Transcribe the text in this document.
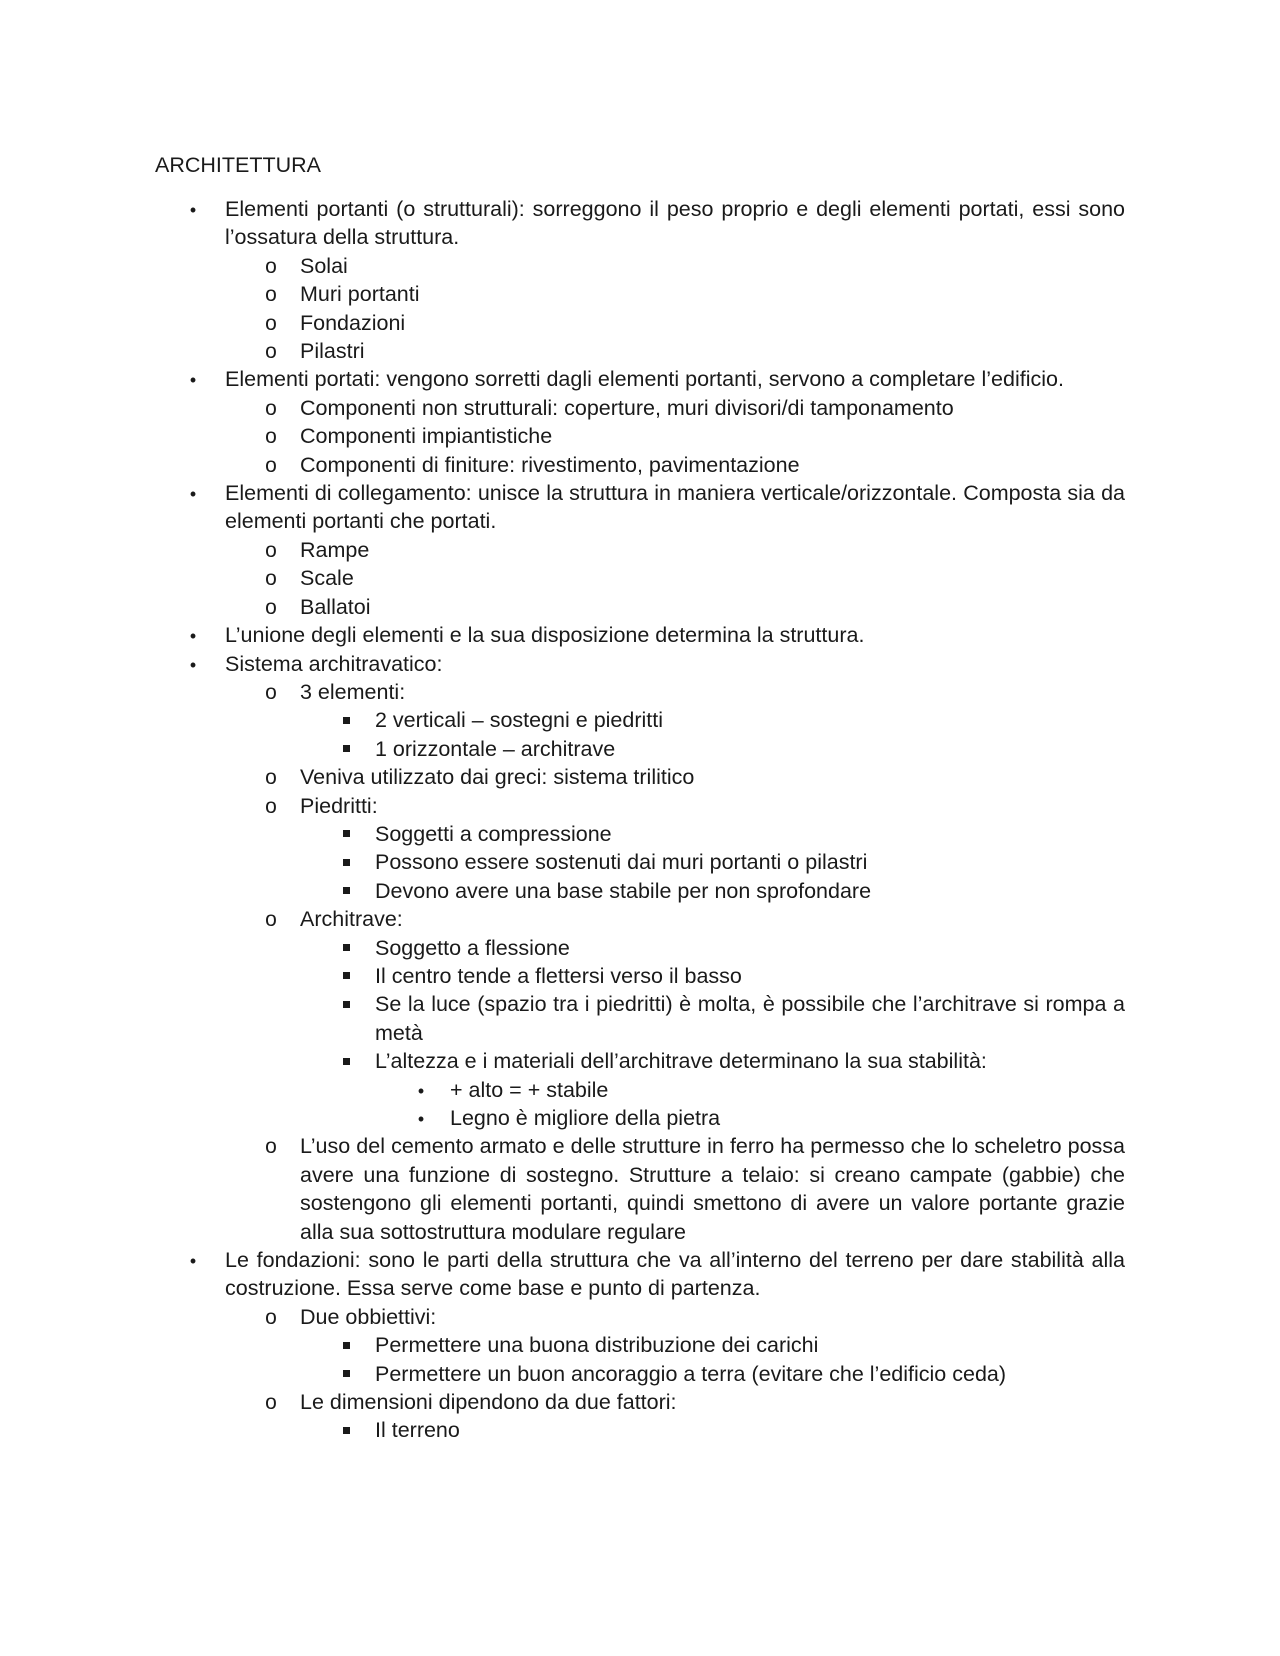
ARCHITETTURA
•	Elementi portanti (o strutturali): sorreggono il peso proprio e degli elementi portati, essi sono l’ossatura della struttura.
o	Solai
o	Muri portanti
o	Fondazioni
o	Pilastri
•	Elementi portati: vengono sorretti dagli elementi portanti, servono a completare l’edificio.
o	Componenti non strutturali: coperture, muri divisori/di tamponamento
o	Componenti impiantistiche
o	Componenti di finiture: rivestimento, pavimentazione
•	Elementi di collegamento: unisce la struttura in maniera verticale/orizzontale. Composta sia da elementi portanti che portati.
o	Rampe
o	Scale
o	Ballatoi
•	L’unione degli elementi e la sua disposizione determina la struttura.
•	Sistema architravatico:
o	3 elementi:
2 verticali – sostegni e piedritti
1 orizzontale – architrave
o	Veniva utilizzato dai greci: sistema trilitico
o	Piedritti:
Soggetti a compressione
Possono essere sostenuti dai muri portanti o pilastri
Devono avere una base stabile per non sprofondare
o	Architrave:
Soggetto a flessione
Il centro tende a flettersi verso il basso
Se la luce (spazio tra i piedritti) è molta, è possibile che l’architrave si rompa a metà
L’altezza e i materiali dell’architrave determinano la sua stabilità:
•	+ alto = + stabile
•	Legno è migliore della pietra
o	L’uso del cemento armato e delle strutture in ferro ha permesso che lo scheletro possa avere una funzione di sostegno. Strutture a telaio: si creano campate (gabbie) che sostengono gli elementi portanti, quindi smettono di avere un valore portante grazie alla sua sottostruttura modulare regulare
•	Le fondazioni: sono le parti della struttura che va all’interno del terreno per dare stabilità alla costruzione. Essa serve come base e punto di partenza.
o	Due obbiettivi:
Permettere una buona distribuzione dei carichi
Permettere un buon ancoraggio a terra (evitare che l’edificio ceda)
o	Le dimensioni dipendono da due fattori:
Il terreno
